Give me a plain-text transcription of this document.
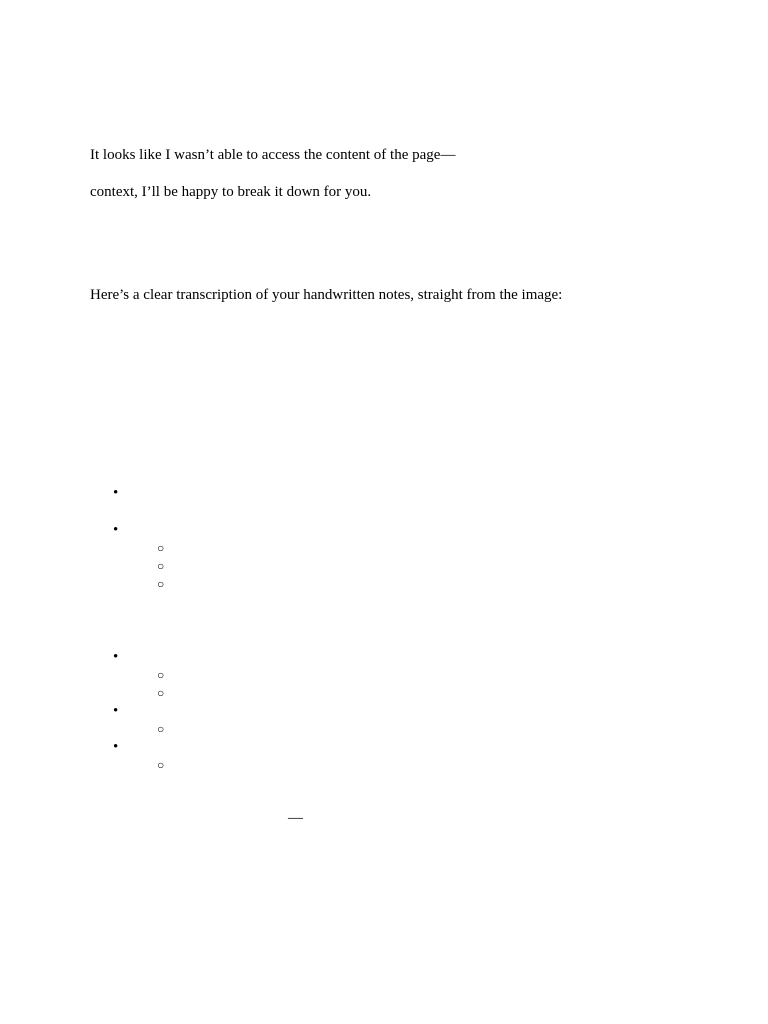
It looks like I wasn’t able to access the content of the page—

context, I’ll be happy to break it down for you.

Here’s a clear transcription of your handwritten notes, straight from the image:

•
•
○
○
○
•
○
○
•
○
•
○
—
